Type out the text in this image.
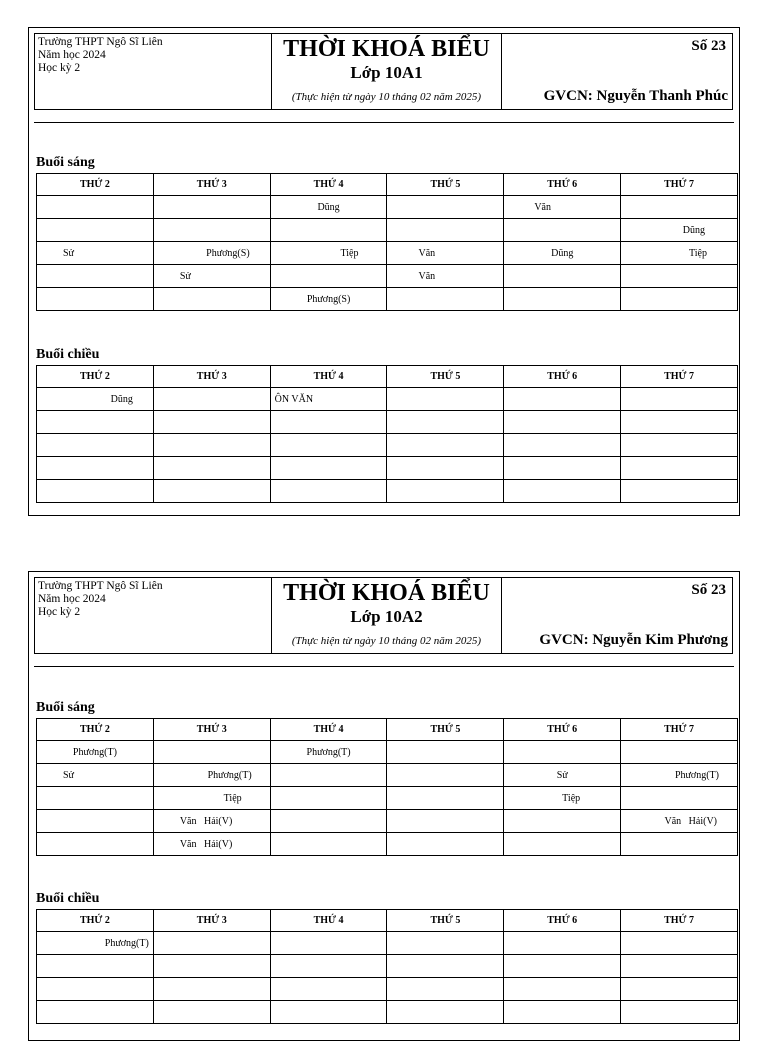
Trường THPT Ngô Sĩ Liên
Năm học 2024
Học kỳ 2
THỜI KHOÁ BIỂU
Lớp 10A1
(Thực hiện từ ngày 10 tháng 02 năm 2025)
Số 23
GVCN: Nguyễn Thanh Phúc
Buổi sáng
THỨ 2	THỨ 3	THỨ 4	THỨ 5	THỨ 6	THỨ 7
		Dũng		Văn	
					Dũng
Sử	Phương(S)	Tiệp	Văn	Dũng	Tiệp
	Sử		Văn		
		Phương(S)			
Buổi chiều
THỨ 2	THỨ 3	THỨ 4	THỨ 5	THỨ 6	THỨ 7
Dũng		ÔN VĂN			

Trường THPT Ngô Sĩ Liên
Năm học 2024
Học kỳ 2
THỜI KHOÁ BIỂU
Lớp 10A2
(Thực hiện từ ngày 10 tháng 02 năm 2025)
Số 23
GVCN: Nguyễn Kim Phương
Buổi sáng
THỨ 2	THỨ 3	THỨ 4	THỨ 5	THỨ 6	THỨ 7
Phương(T)		Phương(T)			
Sử	Phương(T)			Sử	Phương(T)
	Tiệp			Tiệp	
	Văn   Hải(V)				Văn   Hải(V)
	Văn   Hải(V)				
Buổi chiều
THỨ 2	THỨ 3	THỨ 4	THỨ 5	THỨ 6	THỨ 7
Phương(T)					
